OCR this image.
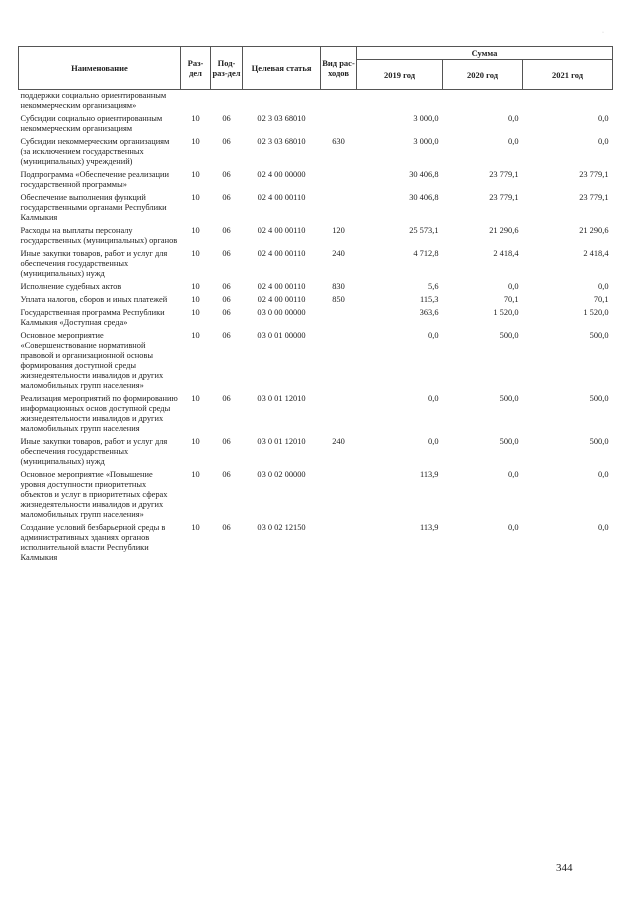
·
Наименование	Раз-дел	Под-раз-дел	Целевая статья	Вид рас-ходов	Сумма		
					2019 год	2020 год	2021 год
поддержки социально ориентированным некоммерческим организациям»							
Субсидии социально ориентированным некоммерческим организациям	10	06	02 3 03 68010		3 000,0	0,0	0,0
Субсидии некоммерческим организациям (за исключением государственных (муниципальных) учреждений)	10	06	02 3 03 68010	630	3 000,0	0,0	0,0
Подпрограмма «Обеспечение реализации государственной программы»	10	06	02 4 00 00000		30 406,8	23 779,1	23 779,1
Обеспечение выполнения функций государственными органами Республики Калмыкия	10	06	02 4 00 00110		30 406,8	23 779,1	23 779,1
Расходы на выплаты персоналу государственных (муниципальных) органов	10	06	02 4 00 00110	120	25 573,1	21 290,6	21 290,6
Иные закупки товаров, работ и услуг для обеспечения государственных (муниципальных) нужд	10	06	02 4 00 00110	240	4 712,8	2 418,4	2 418,4
Исполнение судебных актов	10	06	02 4 00 00110	830	5,6	0,0	0,0
Уплата налогов, сборов и иных платежей	10	06	02 4 00 00110	850	115,3	70,1	70,1
Государственная программа Республики Калмыкия «Доступная среда»	10	06	03 0 00 00000		363,6	1 520,0	1 520,0
Основное мероприятие «Совершенствование нормативной правовой и организационной основы формирования доступной среды жизнедеятельности инвалидов и других маломобильных групп населения»	10	06	03 0 01 00000		0,0	500,0	500,0
Реализация мероприятий по формированию информационных основ доступной среды жизнедеятельности инвалидов и других маломобильных групп населения	10	06	03 0 01 12010		0,0	500,0	500,0
Иные закупки товаров, работ и услуг для обеспечения государственных (муниципальных) нужд	10	06	03 0 01 12010	240	0,0	500,0	500,0
Основное мероприятие «Повышение уровня доступности приоритетных объектов и услуг в приоритетных сферах жизнедеятельности инвалидов и других маломобильных групп населения»	10	06	03 0 02 00000		113,9	0,0	0,0
Создание условий безбарьерной среды в административных зданиях органов исполнительной власти Республики Калмыкия	10	06	03 0 02 12150		113,9	0,0	0,0
344
